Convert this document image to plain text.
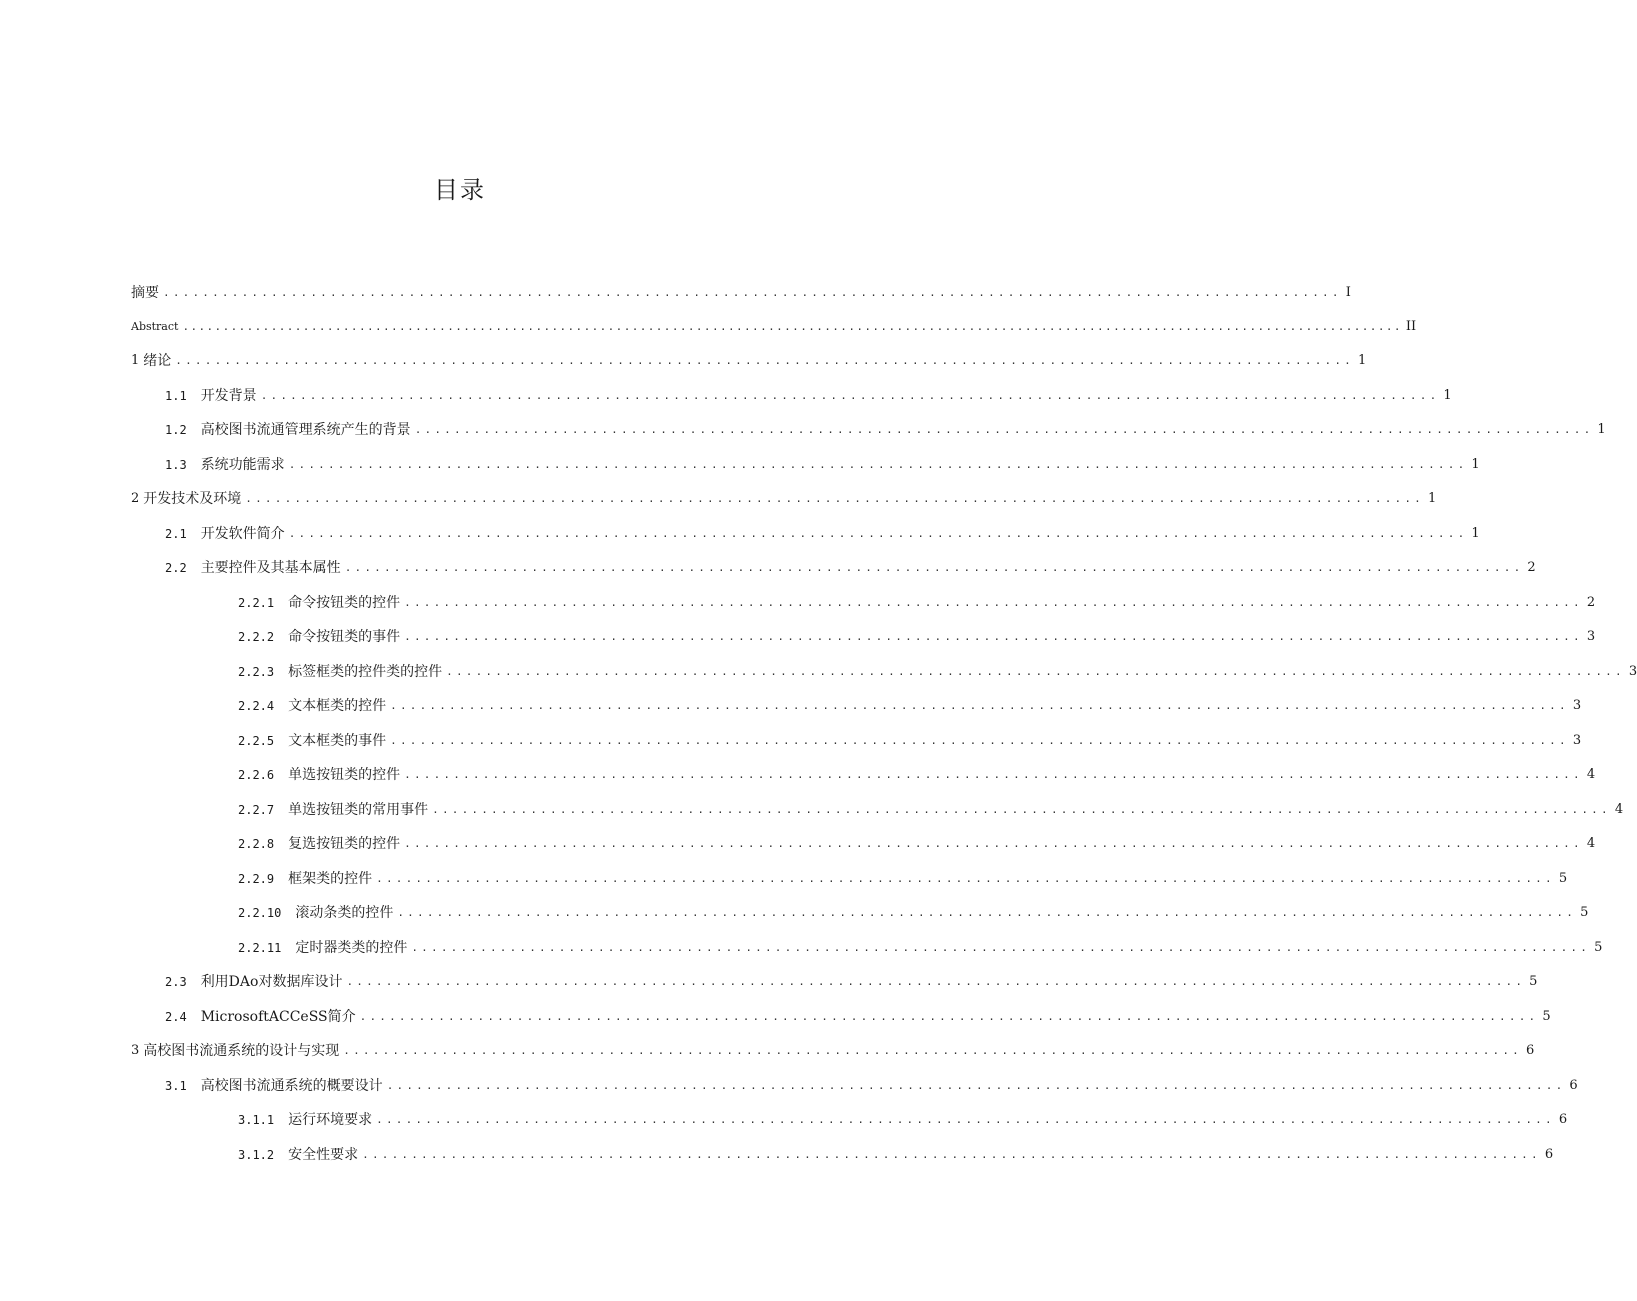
目录
摘要 ........................................................................................................................ I
Abstract ........................................................................................................................................................ II
1 绪论 ........................................................................................................................ 1
1.1 开发背景 ........................................................................................................................ 1
1.2 高校图书流通管理系统产生的背景 ........................................................................................................................ 1
1.3 系统功能需求 ........................................................................................................................ 1
2 开发技术及环境 ........................................................................................................................ 1
2.1 开发软件简介 ........................................................................................................................ 1
2.2 主要控件及其基本属性 ........................................................................................................................ 2
2.2.1 命令按钮类的控件 ........................................................................................................................ 2
2.2.2 命令按钮类的事件 ........................................................................................................................ 3
2.2.3 标签框类的控件类的控件 ........................................................................................................................ 3
2.2.4 文本框类的控件 ........................................................................................................................ 3
2.2.5 文本框类的事件 ........................................................................................................................ 3
2.2.6 单选按钮类的控件 ........................................................................................................................ 4
2.2.7 单选按钮类的常用事件 ........................................................................................................................ 4
2.2.8 复选按钮类的控件 ........................................................................................................................ 4
2.2.9 框架类的控件 ........................................................................................................................ 5
2.2.10 滚动条类的控件 ........................................................................................................................ 5
2.2.11 定时器类类的控件 ........................................................................................................................ 5
2.3 利用DAo对数据库设计 ........................................................................................................................ 5
2.4 MicrosoftACCeSS简介 ........................................................................................................................ 5
3 高校图书流通系统的设计与实现 ........................................................................................................................ 6
3.1 高校图书流通系统的概要设计 ........................................................................................................................ 6
3.1.1 运行环境要求 ........................................................................................................................ 6
3.1.2 安全性要求 ........................................................................................................................ 6
